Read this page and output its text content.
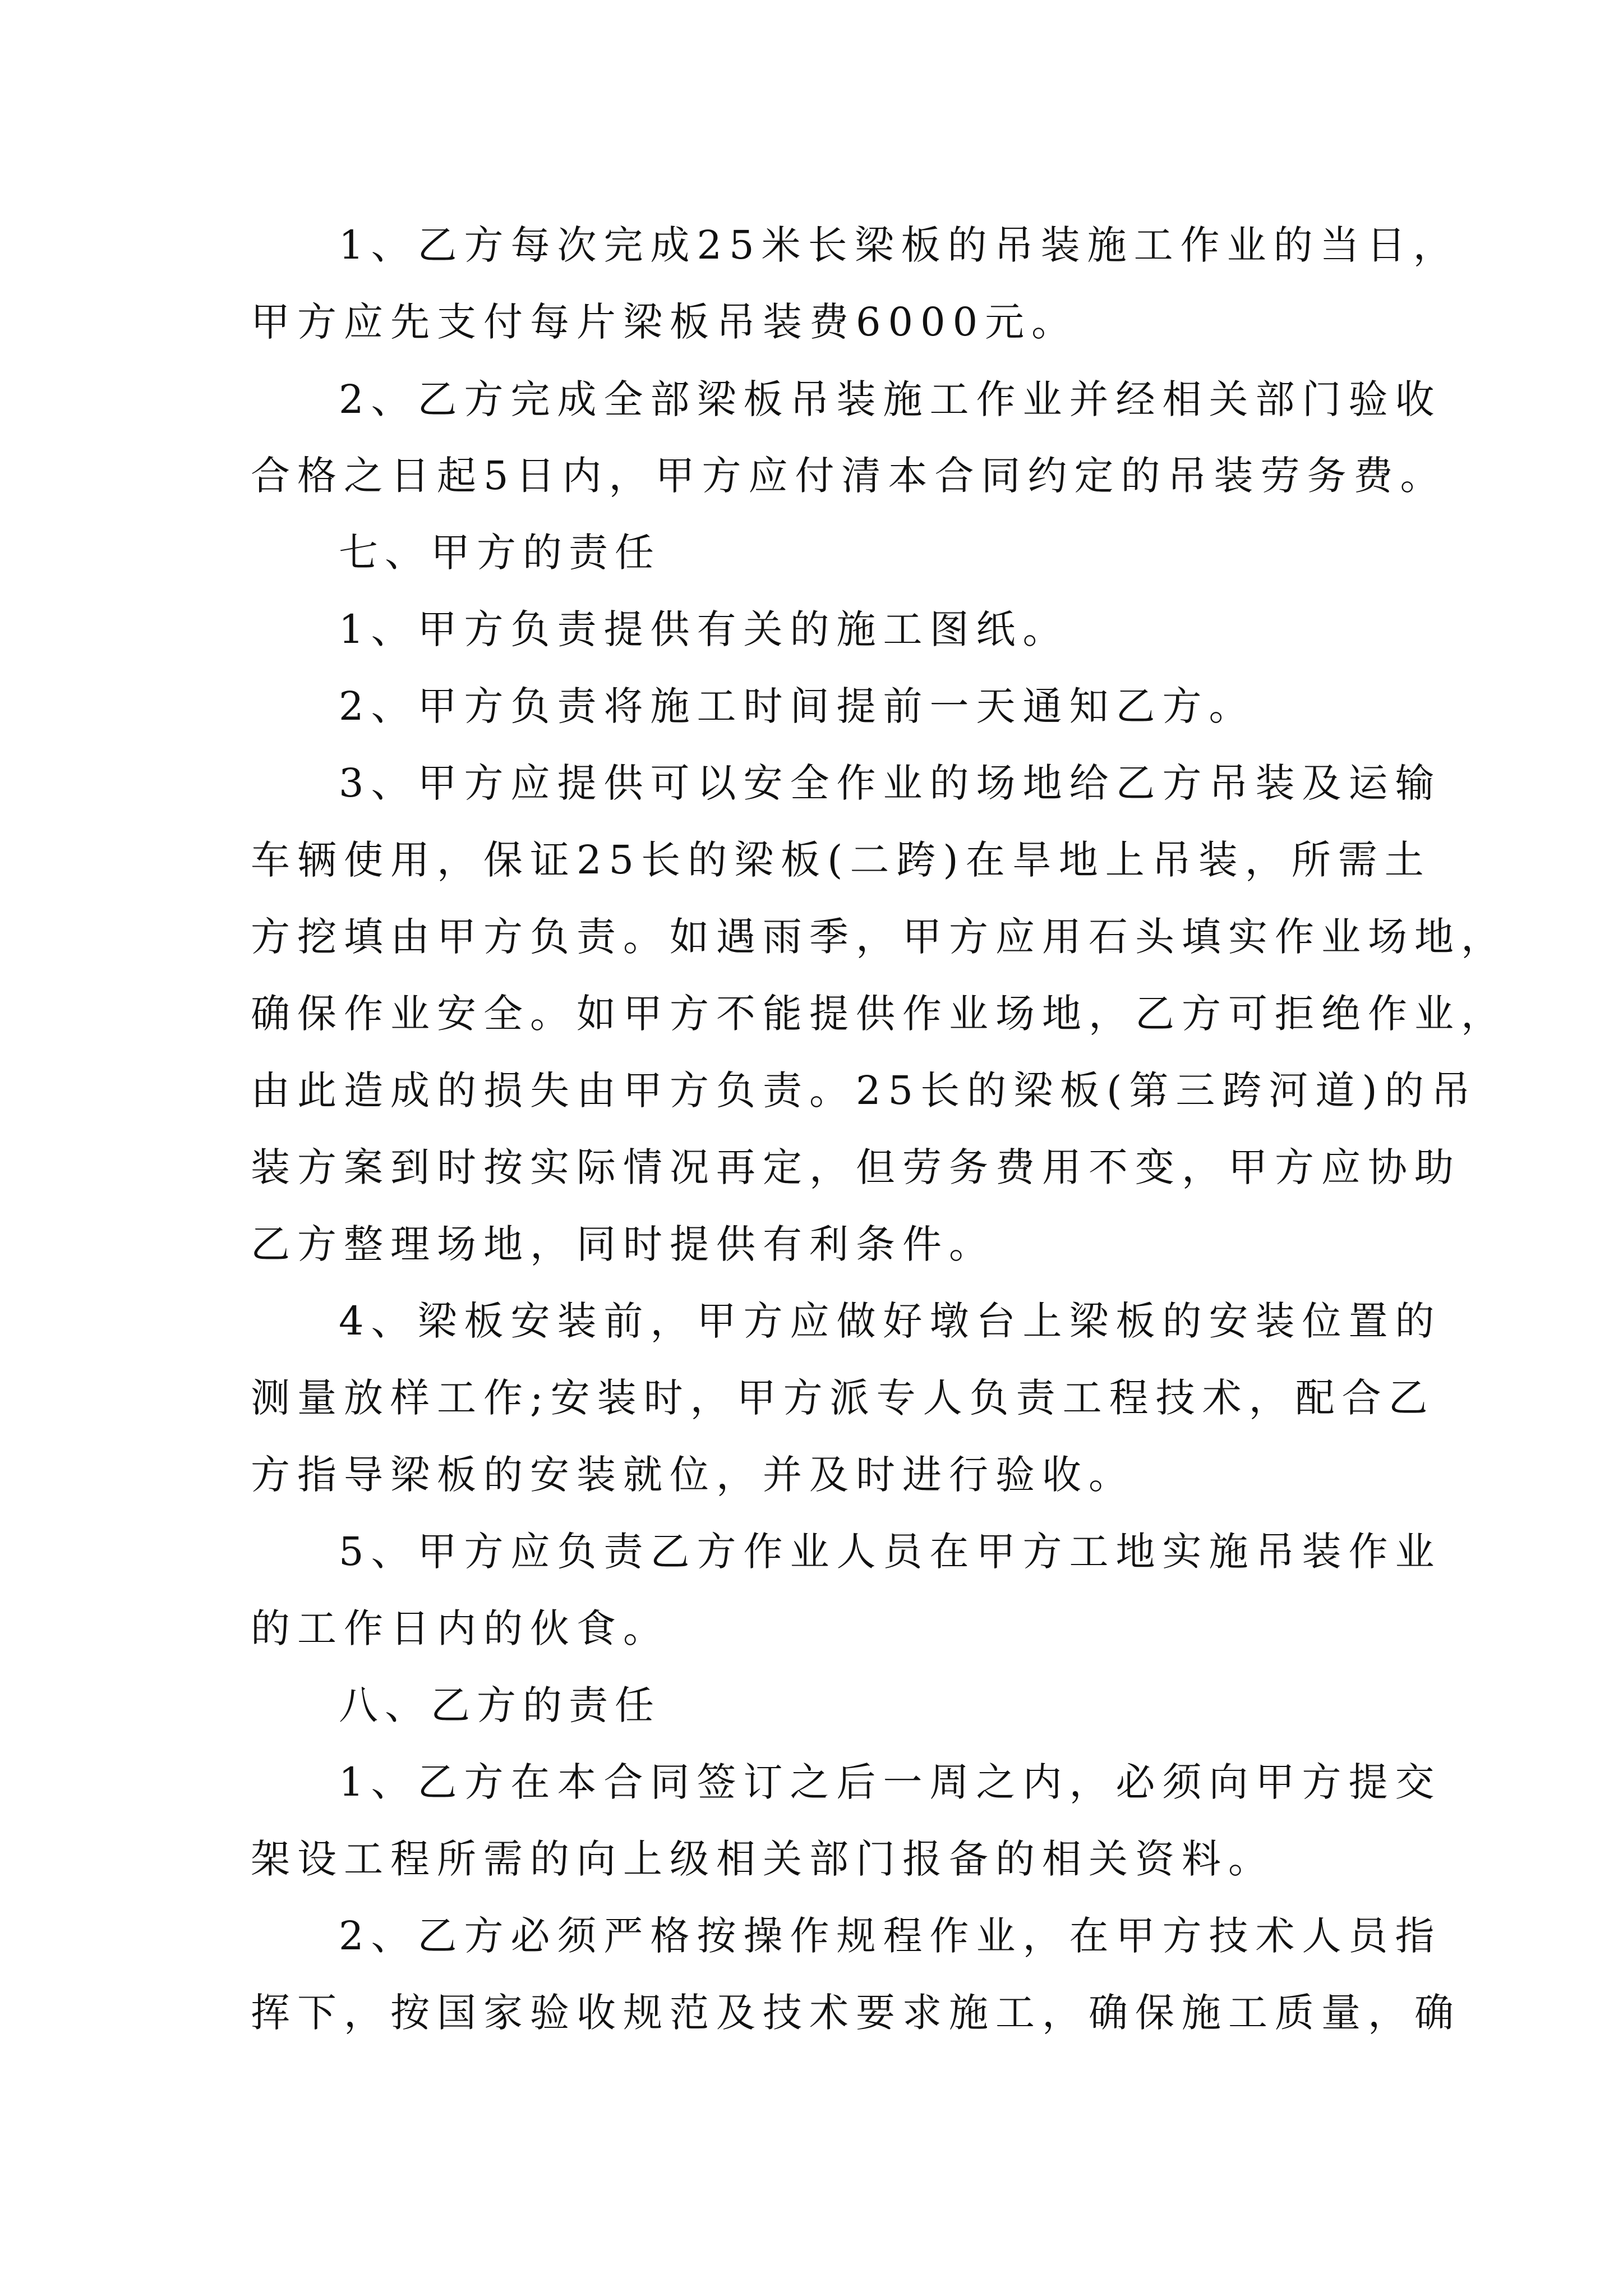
1、乙方每次完成25米长梁板的吊装施工作业的当日，
甲方应先支付每片梁板吊装费6000元。
2、乙方完成全部梁板吊装施工作业并经相关部门验收
合格之日起5日内，甲方应付清本合同约定的吊装劳务费。
七、甲方的责任
1、甲方负责提供有关的施工图纸。
2、甲方负责将施工时间提前一天通知乙方。
3、甲方应提供可以安全作业的场地给乙方吊装及运输
车辆使用，保证25长的梁板(二跨)在旱地上吊装，所需土
方挖填由甲方负责。如遇雨季，甲方应用石头填实作业场地，
确保作业安全。如甲方不能提供作业场地，乙方可拒绝作业，
由此造成的损失由甲方负责。25长的梁板(第三跨河道)的吊
装方案到时按实际情况再定，但劳务费用不变，甲方应协助
乙方整理场地，同时提供有利条件。
4、梁板安装前，甲方应做好墩台上梁板的安装位置的
测量放样工作;安装时，甲方派专人负责工程技术，配合乙
方指导梁板的安装就位，并及时进行验收。
5、甲方应负责乙方作业人员在甲方工地实施吊装作业
的工作日内的伙食。
八、乙方的责任
1、乙方在本合同签订之后一周之内，必须向甲方提交
架设工程所需的向上级相关部门报备的相关资料。
2、乙方必须严格按操作规程作业，在甲方技术人员指
挥下，按国家验收规范及技术要求施工，确保施工质量，确
